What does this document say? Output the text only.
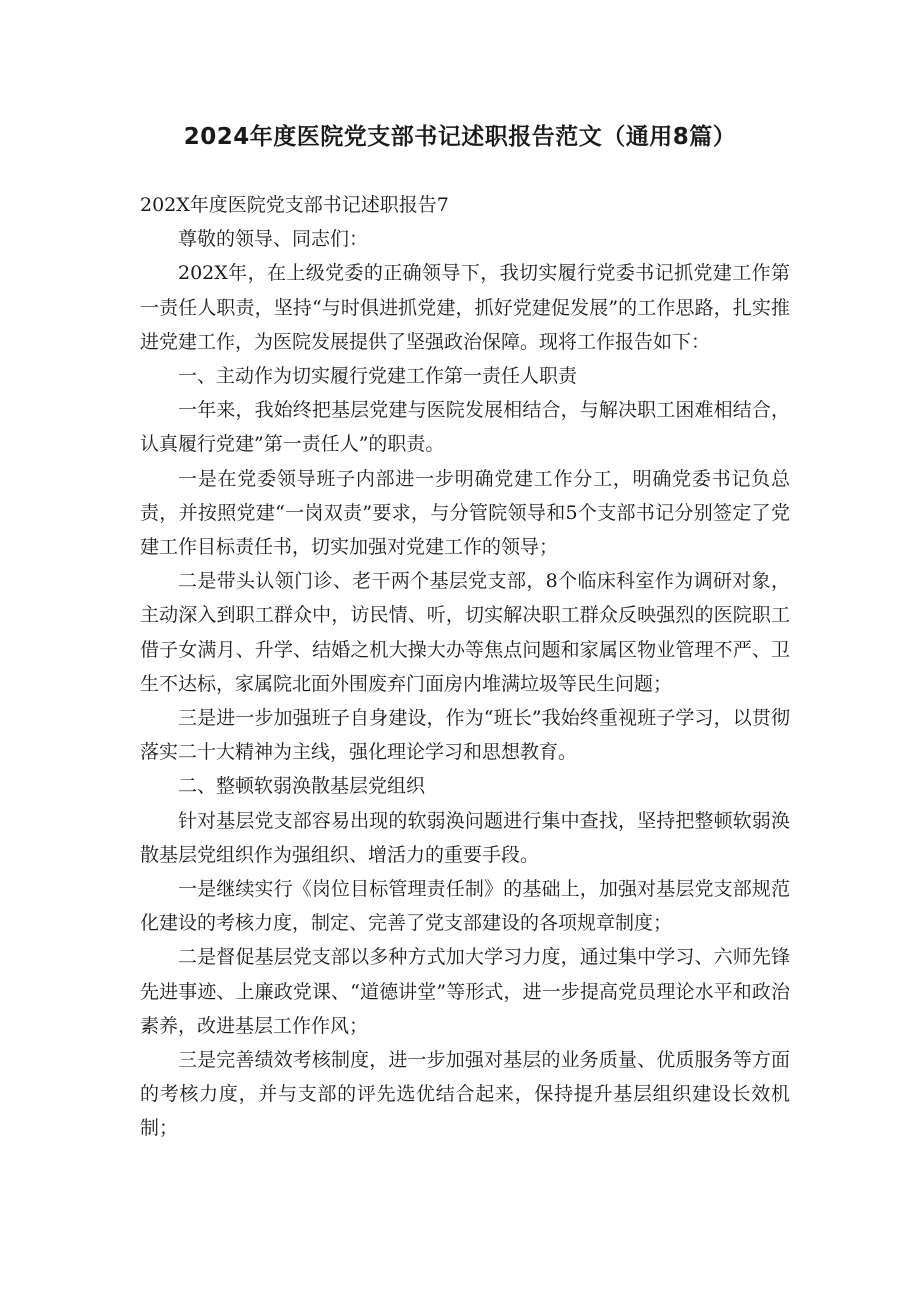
2024年度医院党支部书记述职报告范文（通用8篇）

202X年度医院党支部书记述职报告7

尊敬的领导、同志们：

202X年，在上级党委的正确领导下，我切实履行党委书记抓党建工作第一责任人职责，坚持“与时俱进抓党建，抓好党建促发展”的工作思路，扎实推进党建工作，为医院发展提供了坚强政治保障。现将工作报告如下：

一、主动作为切实履行党建工作第一责任人职责

一年来，我始终把基层党建与医院发展相结合，与解决职工困难相结合，认真履行党建”第一责任人”的职责。

一是在党委领导班子内部进一步明确党建工作分工，明确党委书记负总责，并按照党建“一岗双责”要求，与分管院领导和5个支部书记分别签定了党建工作目标责任书，切实加强对党建工作的领导；

二是带头认领门诊、老干两个基层党支部，8个临床科室作为调研对象，主动深入到职工群众中，访民情、听，切实解决职工群众反映强烈的医院职工借子女满月、升学、结婚之机大操大办等焦点问题和家属区物业管理不严、卫生不达标，家属院北面外围废弃门面房内堆满垃圾等民生问题；

三是进一步加强班子自身建设，作为“班长”我始终重视班子学习，以贯彻落实二十大精神为主线，强化理论学习和思想教育。

二、整顿软弱涣散基层党组织

针对基层党支部容易出现的软弱涣问题进行集中查找，坚持把整顿软弱涣散基层党组织作为强组织、增活力的重要手段。

一是继续实行《岗位目标管理责任制》的基础上，加强对基层党支部规范化建设的考核力度，制定、完善了党支部建设的各项规章制度；

二是督促基层党支部以多种方式加大学习力度，通过集中学习、六师先锋先进事迹、上廉政党课、“道德讲堂”等形式，进一步提高党员理论水平和政治素养，改进基层工作作风；

三是完善绩效考核制度，进一步加强对基层的业务质量、优质服务等方面的考核力度，并与支部的评先选优结合起来，保持提升基层组织建设长效机制；
